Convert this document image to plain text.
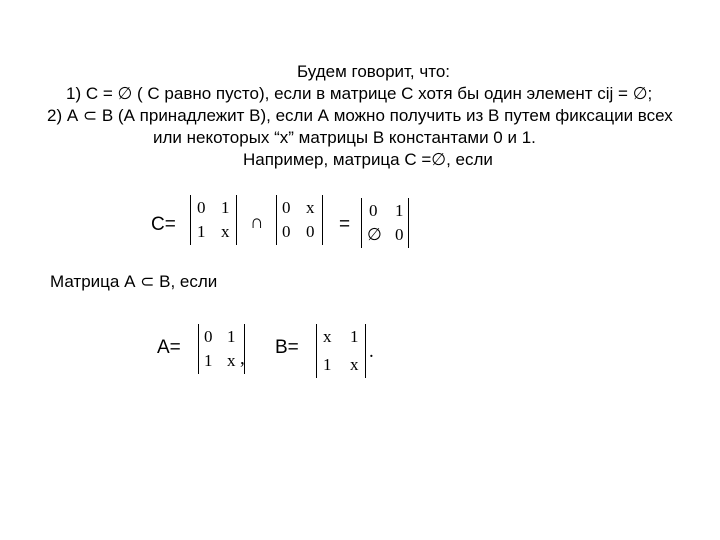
Будем говорит, что:
1) С = ∅ ( С равно пусто), если в матрице С хотя бы один элемент cij = ∅;
2) А ⊂ В (А принадлежит В), если А можно получить из В путем фиксации всех
или некоторых “х” матрицы В константами 0 и 1.
Например, матрица С =∅, если
C=
0 1
1 x ∩
0 x
0 0 =
0 1
∅ 0
Матрица А ⊂ В, если
A=
0 1
1 x ,
B=
x 1
1 x
.
